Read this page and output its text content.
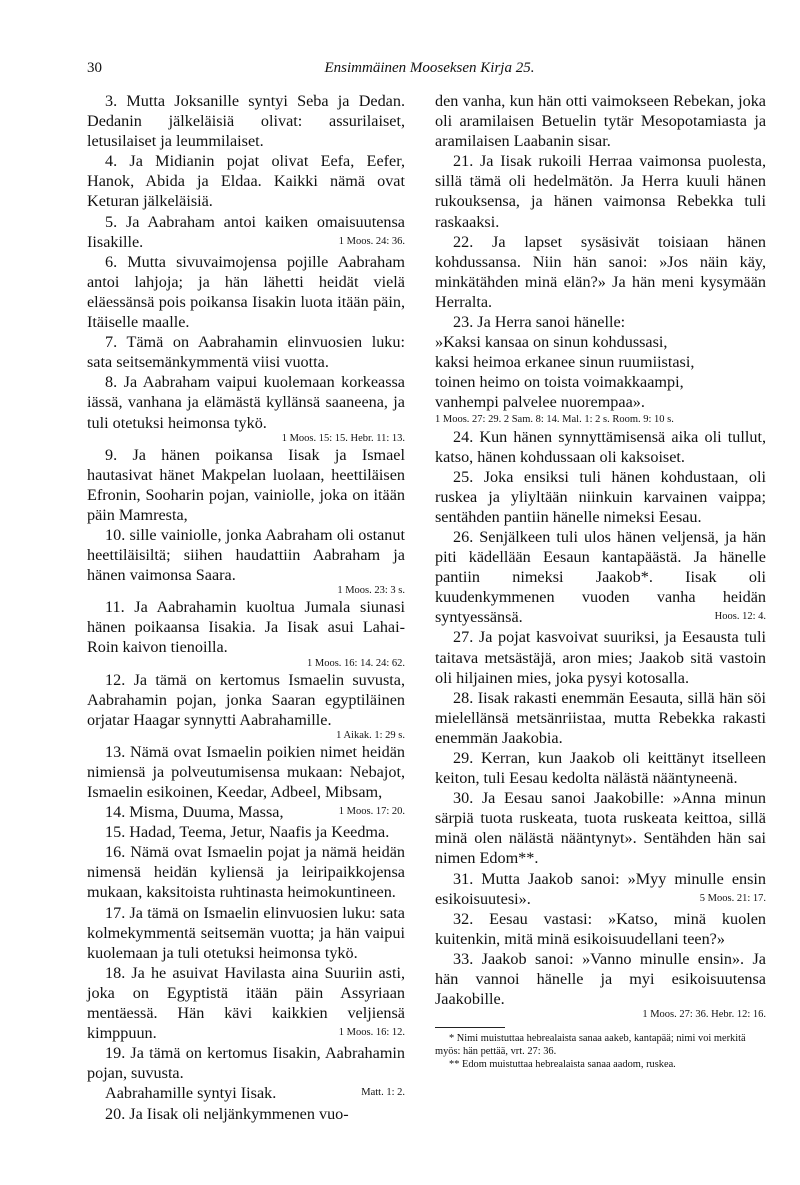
30	Ensimmäinen Mooseksen Kirja 25.

3. Mutta Joksanille syntyi Seba ja Dedan. Dedanin jälkeläisiä olivat: assurilaiset, letusilaiset ja leummilaiset.

4. Ja Midianin pojat olivat Eefa, Eefer, Hanok, Abida ja Eldaa. Kaikki nämä ovat Keturan jälkeläisiä.

5. Ja Aabraham antoi kaiken omaisuutensa Iisakille.	1 Moos. 24: 36.

6. Mutta sivuvaimojensa pojille Aabraham antoi lahjoja; ja hän lähetti heidät vielä eläessänsä pois poikansa Iisakin luota itään päin, Itäiselle maalle.

7. Tämä on Aabrahamin elinvuosien luku: sata seitsemänkymmentä viisi vuotta.

8. Ja Aabraham vaipui kuolemaan korkeassa iässä, vanhana ja elämästä kyllänsä saaneena, ja tuli otetuksi heimonsa tykö.

1 Moos. 15: 15. Hebr. 11: 13.

9. Ja hänen poikansa Iisak ja Ismael hautasivat hänet Makpelan luolaan, heettiläisen Efronin, Sooharin pojan, vainiolle, joka on itään päin Mamresta,

10. sille vainiolle, jonka Aabraham oli ostanut heettiläisiltä; siihen haudattiin Aabraham ja hänen vaimonsa Saara.

1 Moos. 23: 3 s.

11. Ja Aabrahamin kuoltua Jumala siunasi hänen poikaansa Iisakia. Ja Iisak asui Lahai-Roin kaivon tienoilla.

1 Moos. 16: 14. 24: 62.

12. Ja tämä on kertomus Ismaelin suvusta, Aabrahamin pojan, jonka Saaran egyptiläinen orjatar Haagar synnytti Aabrahamille.

1 Aikak. 1: 29 s.

13. Nämä ovat Ismaelin poikien nimet heidän nimiensä ja polveutumisensa mukaan: Nebajot, Ismaelin esikoinen, Keedar, Adbeel, Mibsam,
1 Moos. 17: 20.

14. Misma, Duuma, Massa,

15. Hadad, Teema, Jetur, Naafis ja Keedma.

16. Nämä ovat Ismaelin pojat ja nämä heidän nimensä heidän kyliensä ja leiripaikkojensa mukaan, kaksitoista ruhtinasta heimokuntineen.

17. Ja tämä on Ismaelin elinvuosien luku: sata kolmekymmentä seitsemän vuotta; ja hän vaipui kuolemaan ja tuli otetuksi heimonsa tykö.

18. Ja he asuivat Havilasta aina Suuriin asti, joka on Egyptistä itään päin Assyriaan mentäessä. Hän kävi kaikkien veljiensä kimppuun.	1 Moos. 16: 12.

19. Ja tämä on kertomus Iisakin, Aabrahamin pojan, suvusta.

Aabrahamille syntyi Iisak.	Matt. 1: 2.

20. Ja Iisak oli neljänkymmenen vuo-

den vanha, kun hän otti vaimokseen Rebekan, joka oli aramilaisen Betuelin tytär Mesopotamiasta ja aramilaisen Laabanin sisar.

21. Ja Iisak rukoili Herraa vaimonsa puolesta, sillä tämä oli hedelmätön. Ja Herra kuuli hänen rukouksensa, ja hänen vaimonsa Rebekka tuli raskaaksi.

22. Ja lapset sysäsivät toisiaan hänen kohdussansa. Niin hän sanoi: »Jos näin käy, minkätähden minä elän?» Ja hän meni kysymään Herralta.

23. Ja Herra sanoi hänelle:

»Kaksi kansaa on sinun kohdussasi,

kaksi heimoa erkanee sinun ruumiistasi,

toinen heimo on toista voimakkaampi,

vanhempi palvelee nuorempaa».

1 Moos. 27: 29. 2 Sam. 8: 14. Mal. 1: 2 s. Room. 9: 10 s.

24. Kun hänen synnyttämisensä aika oli tullut, katso, hänen kohdussaan oli kaksoiset.

25. Joka ensiksi tuli hänen kohdustaan, oli ruskea ja yliyltään niinkuin karvainen vaippa; sentähden pantiin hänelle nimeksi Eesau.

26. Senjälkeen tuli ulos hänen veljensä, ja hän piti kädellään Eesaun kantapäästä. Ja hänelle pantiin nimeksi Jaakob*. Iisak oli kuudenkymmenen vuoden vanha heidän syntyessänsä.	Hoos. 12: 4.

27. Ja pojat kasvoivat suuriksi, ja Eesausta tuli taitava metsästäjä, aron mies; Jaakob sitä vastoin oli hiljainen mies, joka pysyi kotosalla.

28. Iisak rakasti enemmän Eesauta, sillä hän söi mielellänsä metsänriistaa, mutta Rebekka rakasti enemmän Jaakobia.

29. Kerran, kun Jaakob oli keittänyt itselleen keiton, tuli Eesau kedolta nälästä nääntyneenä.

30. Ja Eesau sanoi Jaakobille: »Anna minun särpiä tuota ruskeata, tuota ruskeata keittoa, sillä minä olen nälästä nääntynyt». Sentähden hän sai nimen Edom**.

31. Mutta Jaakob sanoi: »Myy minulle ensin esikoisuutesi».	5 Moos. 21: 17.

32. Eesau vastasi: »Katso, minä kuolen kuitenkin, mitä minä esikoisuudellani teen?»

33. Jaakob sanoi: »Vanno minulle ensin». Ja hän vannoi hänelle ja myi esikoisuutensa Jaakobille.

1 Moos. 27: 36. Hebr. 12: 16.

* Nimi muistuttaa hebrealaista sanaa aakeb, kantapää; nimi voi merkitä myös: hän pettää, vrt. 27: 36.

** Edom muistuttaa hebrealaista sanaa aadom, ruskea.
